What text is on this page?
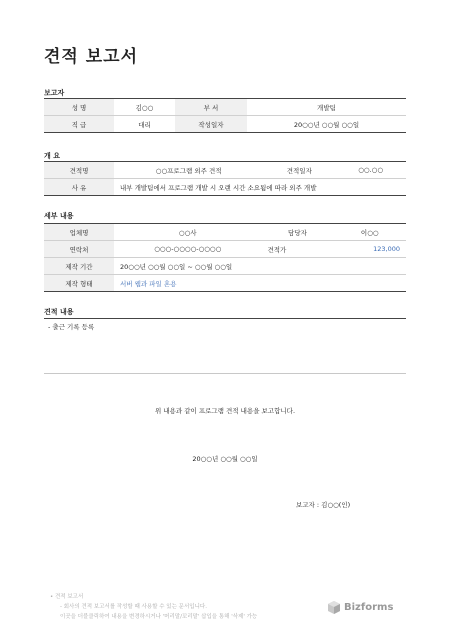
견적 보고서
보고자
성 명	김○○	부 서	개발팀
직 급	대리	작성일자	20○○년 ○○월 ○○일
개 요
견적명	○○프로그램 외주 견적	견적일자	○○.○○
사 유	내부 개발팀에서 프로그램 개발 시 오랜 시간 소요됨에 따라 외주 개발		
세부 내용
업체명	○○사	담당자	이○○
연락처	○○○-○○○○-○○○○	견적가	123,000
제작 기간	20○○년 ○○월 ○○일 ~ ○○월 ○○일		
제작 형태	서버 웹과 파일 혼용		
견적 내용
- 출근 기록 등록
위 내용과 같이 프로그램 견적 내용을 보고합니다.
20○○년 ○○월 ○○일
보고자 : 김○○(인)
• 견적 보고서
- 회사의 견적 보고서를 작성할 때 사용할 수 있는 문서입니다.
이곳을 더블클릭하여 내용을 변경하시거나 '머리말/꼬리말' 삽입을 통해 '삭제' 가능
Bizforms
